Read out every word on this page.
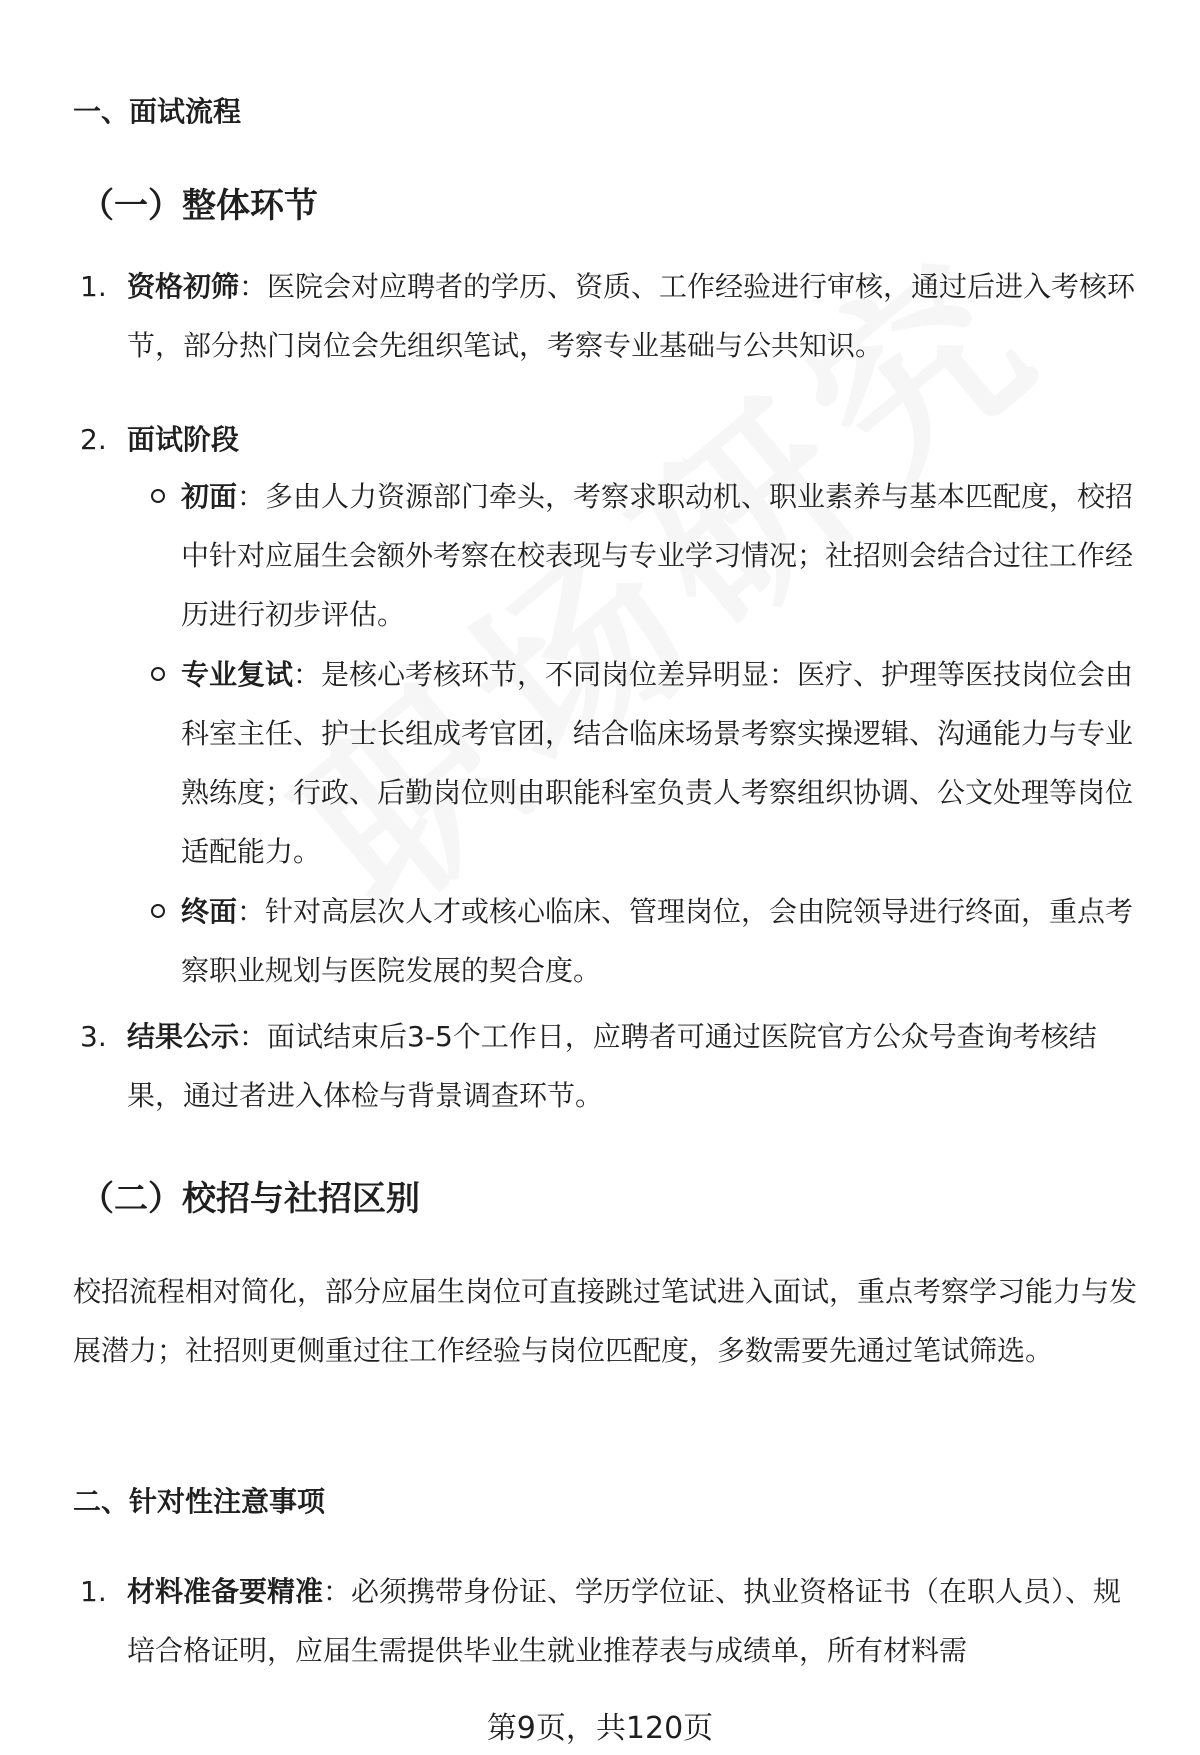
一、面试流程
（一）整体环节
1. 资格初筛：医院会对应聘者的学历、资质、工作经验进行审核，通过后进入考核环节，部分热门岗位会先组织笔试，考察专业基础与公共知识。

2. 面试阶段

初面：多由人力资源部门牵头，考察求职动机、职业素养与基本匹配度，校招中针对应届生会额外考察在校表现与专业学习情况；社招则会结合过往工作经历进行初步评估。

专业复试：是核心考核环节，不同岗位差异明显：医疗、护理等医技岗位会由科室主任、护士长组成考官团，结合临床场景考察实操逻辑、沟通能力与专业熟练度；行政、后勤岗位则由职能科室负责人考察组织协调、公文处理等岗位适配能力。

终面：针对高层次人才或核心临床、管理岗位，会由院领导进行终面，重点考察职业规划与医院发展的契合度。

3. 结果公示：面试结束后3-5个工作日，应聘者可通过医院官方公众号查询考核结果，通过者进入体检与背景调查环节。

（二）校招与社招区别

校招流程相对简化，部分应届生岗位可直接跳过笔试进入面试，重点考察学习能力与发展潜力；社招则更侧重过往工作经验与岗位匹配度，多数需要先通过笔试筛选。

二、针对性注意事项
1. 材料准备要精准：必须携带身份证、学历学位证、执业资格证书（在职人员）、规培合格证明，应届生需提供毕业生就业推荐表与成绩单，所有材料需

第9页，共120页
